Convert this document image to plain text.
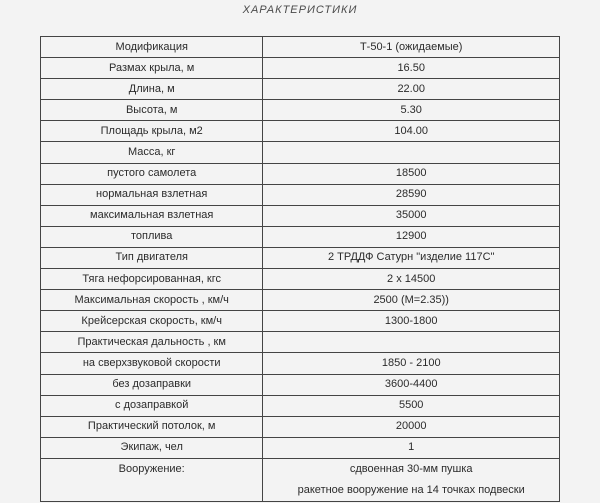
ХАРАКТЕРИСТИКИ
Модификация	Т-50-1 (ожидаемые)
Размах крыла, м	16.50
Длина, м	22.00
Высота, м	5.30
Площадь крыла, м2	104.00
Масса, кг	
пустого самолета	18500
нормальная взлетная	28590
максимальная взлетная	35000
топлива	12900
Тип двигателя	2 ТРДДФ Сатурн "изделие 117С"
Тяга нефорсированная, кгс	2 х 14500
Максимальная скорость , км/ч	2500 (М=2.35))
Крейсерская скорость, км/ч	1300-1800
Практическая дальность , км	
на сверхзвуковой скорости	1850 - 2100
без дозаправки	3600-4400
с дозаправкой	5500
Практический потолок, м	20000
Экипаж, чел	1
Вооружение:	сдвоенная 30-мм пушка
ракетное вооружение на 14 точках подвески
